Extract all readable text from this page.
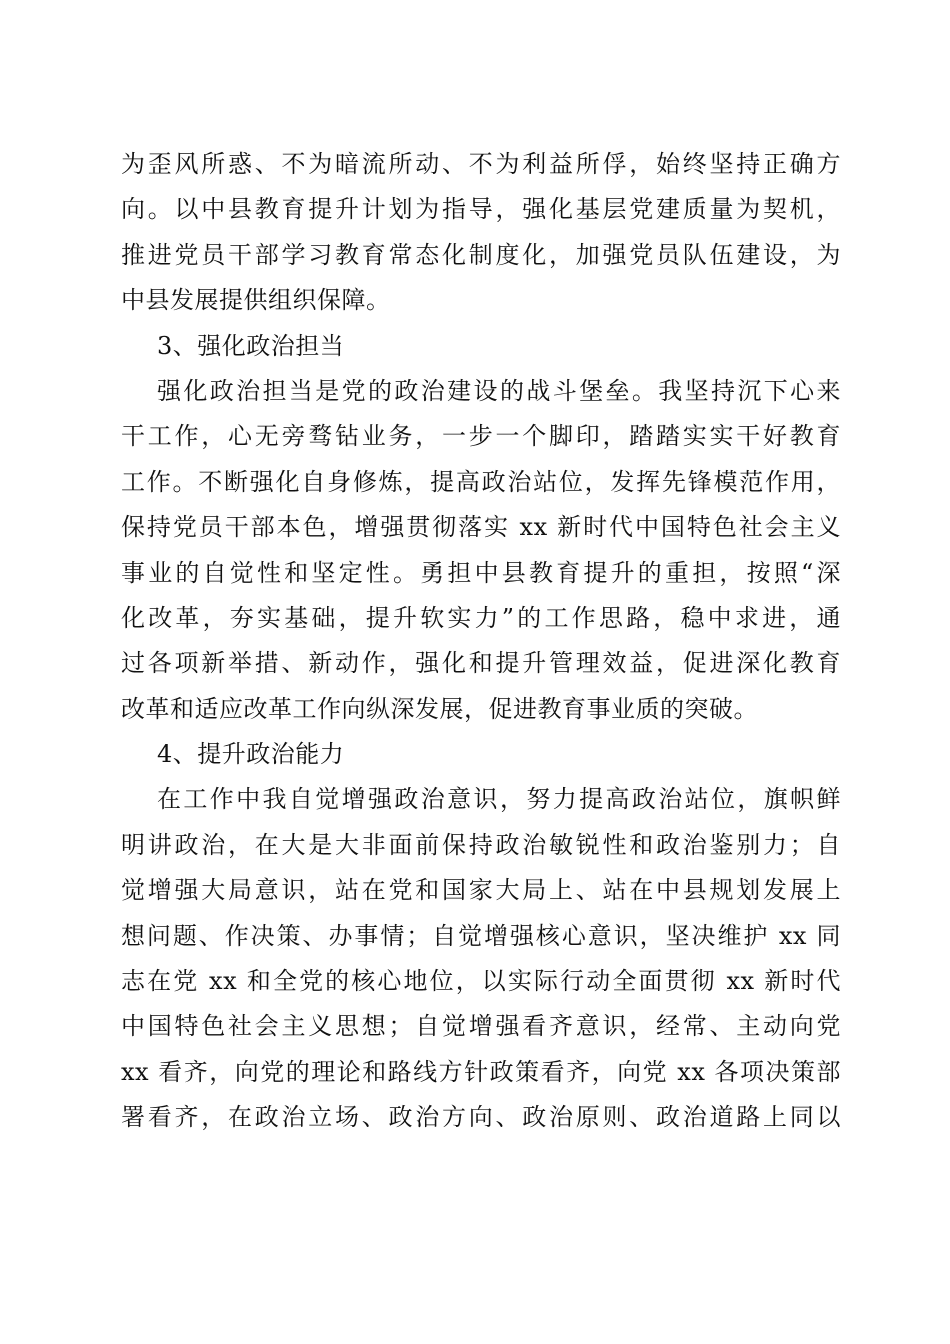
为歪风所惑、不为暗流所动、不为利益所俘，始终坚持正确方
向。以中县教育提升计划为指导，强化基层党建质量为契机，
推进党员干部学习教育常态化制度化，加强党员队伍建设，为
中县发展提供组织保障。
3、强化政治担当
强化政治担当是党的政治建设的战斗堡垒。我坚持沉下心来
干工作，心无旁骛钻业务，一步一个脚印，踏踏实实干好教育
工作。不断强化自身修炼，提高政治站位，发挥先锋模范作用，
保持党员干部本色，增强贯彻落实 xx 新时代中国特色社会主义
事业的自觉性和坚定性。勇担中县教育提升的重担，按照“深
化改革，夯实基础，提升软实力”的工作思路，稳中求进，通
过各项新举措、新动作，强化和提升管理效益，促进深化教育
改革和适应改革工作向纵深发展，促进教育事业质的突破。
4、提升政治能力
在工作中我自觉增强政治意识，努力提高政治站位，旗帜鲜
明讲政治，在大是大非面前保持政治敏锐性和政治鉴别力；自
觉增强大局意识，站在党和国家大局上、站在中县规划发展上
想问题、作决策、办事情；自觉增强核心意识，坚决维护 xx 同
志在党 xx 和全党的核心地位，以实际行动全面贯彻 xx 新时代
中国特色社会主义思想；自觉增强看齐意识，经常、主动向党
xx 看齐，向党的理论和路线方针政策看齐，向党 xx 各项决策部
署看齐，在政治立场、政治方向、政治原则、政治道路上同以
